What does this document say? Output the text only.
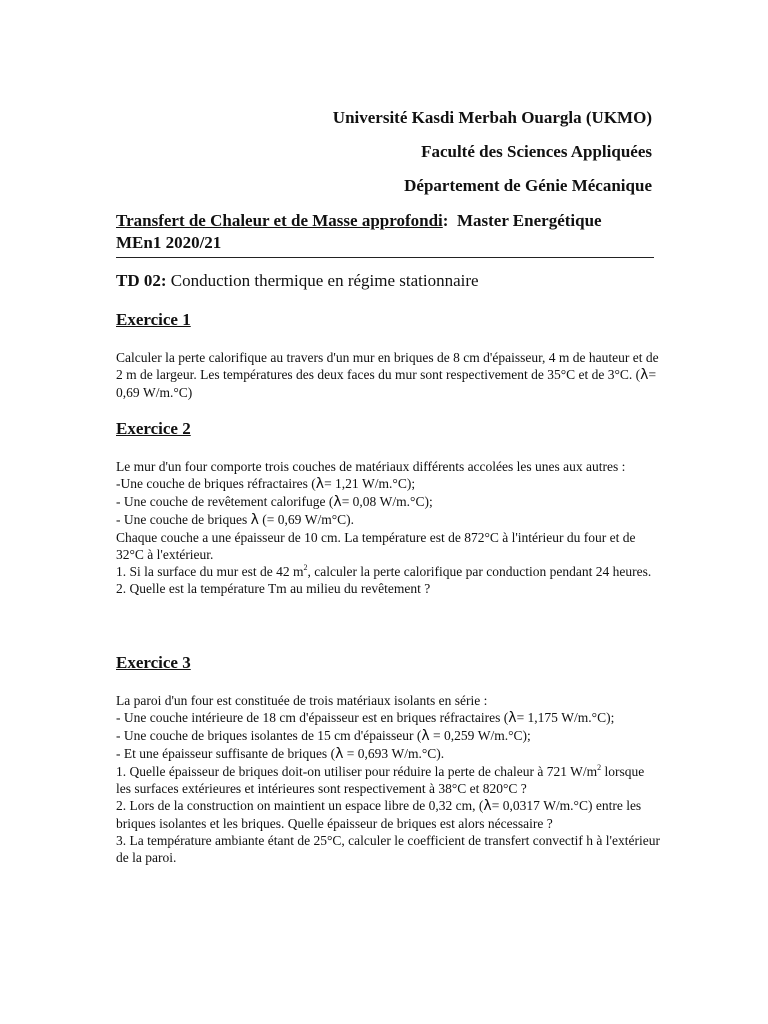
Université Kasdi Merbah Ouargla (UKMO)
Faculté des Sciences Appliquées
Département de Génie Mécanique
Transfert de Chaleur et de Masse approfondi:  Master Energétique
MEn1 2020/21
TD 02: Conduction thermique en régime stationnaire
Exercice 1

Calculer la perte calorifique au travers d'un mur en briques de 8 cm d'épaisseur, 4 m de hauteur et de 2 m de largeur. Les températures des deux faces du mur sont respectivement de 35°C et de 3°C. (λ= 0,69 W/m.°C)

Exercice 2

Le mur d'un four comporte trois couches de matériaux différents accolées les unes aux autres :

-Une couche de briques réfractaires (λ= 1,21 W/m.°C);

- Une couche de revêtement calorifuge (λ= 0,08 W/m.°C);

- Une couche de briques λ (= 0,69 W/m°C).

Chaque couche a une épaisseur de 10 cm. La température est de 872°C à l'intérieur du four et de 32°C à l'extérieur.

1. Si la surface du mur est de 42 $m^2$, calculer la perte calorifique par conduction pendant 24 heures.

2. Quelle est la température Tm au milieu du revêtement ?

Exercice 3

La paroi d'un four est constituée de trois matériaux isolants en série :

- Une couche intérieure de 18 cm d'épaisseur est en briques réfractaires (λ= 1,175 W/m.°C);

- Une couche de briques isolantes de 15 cm d'épaisseur (λ = 0,259 W/m.°C);

- Et une épaisseur suffisante de briques (λ = 0,693 W/m.°C).

1. Quelle épaisseur de briques doit-on utiliser pour réduire la perte de chaleur à 721 $W/m^2$ lorsque les surfaces extérieures et intérieures sont respectivement à 38°C et 820°C ?

2. Lors de la construction on maintient un espace libre de 0,32 cm, (λ= 0,0317 W/m.°C) entre les briques isolantes et les briques. Quelle épaisseur de briques est alors nécessaire ?

3. La température ambiante étant de 25°C, calculer le coefficient de transfert convectif h à l'extérieur de la paroi.
